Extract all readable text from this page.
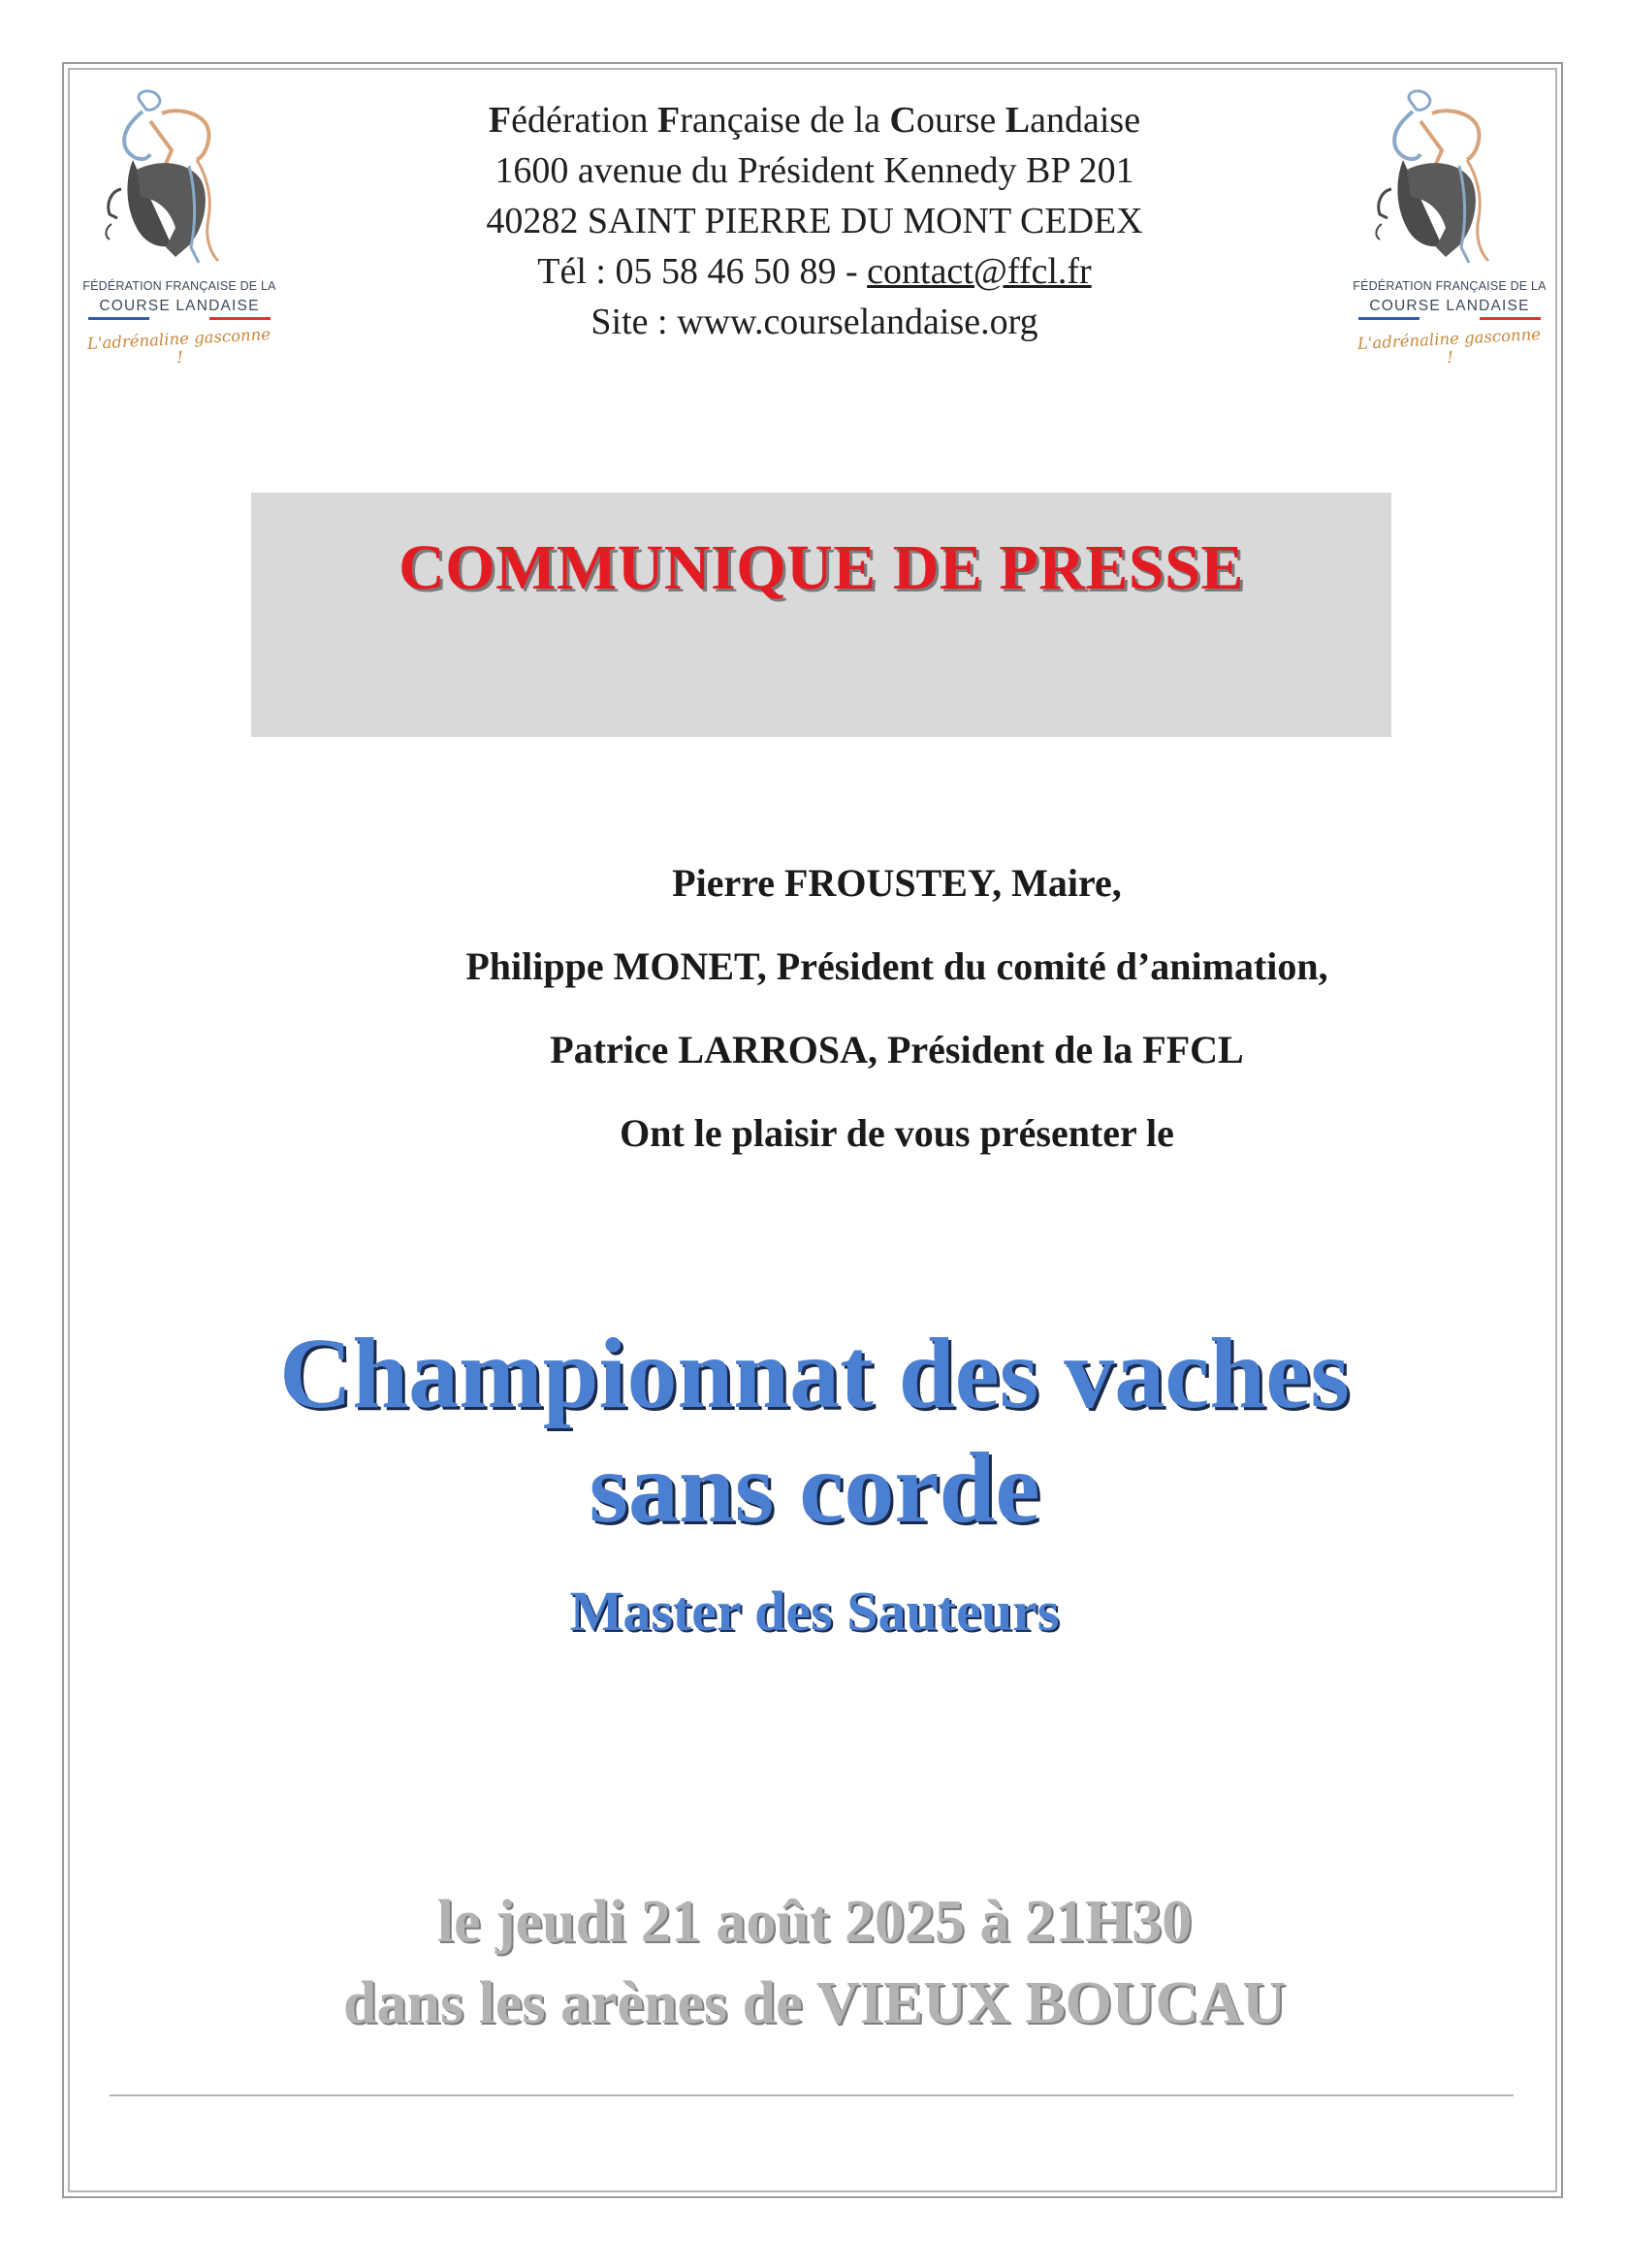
FÉDÉRATION FRANÇAISE DE LA
COURSE LANDAISE
L'adrénaline gasconne !
FÉDÉRATION FRANÇAISE DE LA
COURSE LANDAISE
L'adrénaline gasconne !
Fédération Française de la Course Landaise
1600 avenue du Président Kennedy BP 201
40282 SAINT PIERRE DU MONT CEDEX
Tél : 05 58 46 50 89 - contact@ffcl.fr
Site : www.courselandaise.org
COMMUNIQUE DE PRESSE
Pierre FROUSTEY, Maire,
Philippe MONET, Président du comité d’animation,
Patrice LARROSA, Président de la FFCL
Ont le plaisir de vous présenter le
Championnat des vaches
sans corde
Master des Sauteurs
le jeudi 21 août 2025 à 21H30
dans les arènes de VIEUX BOUCAU
